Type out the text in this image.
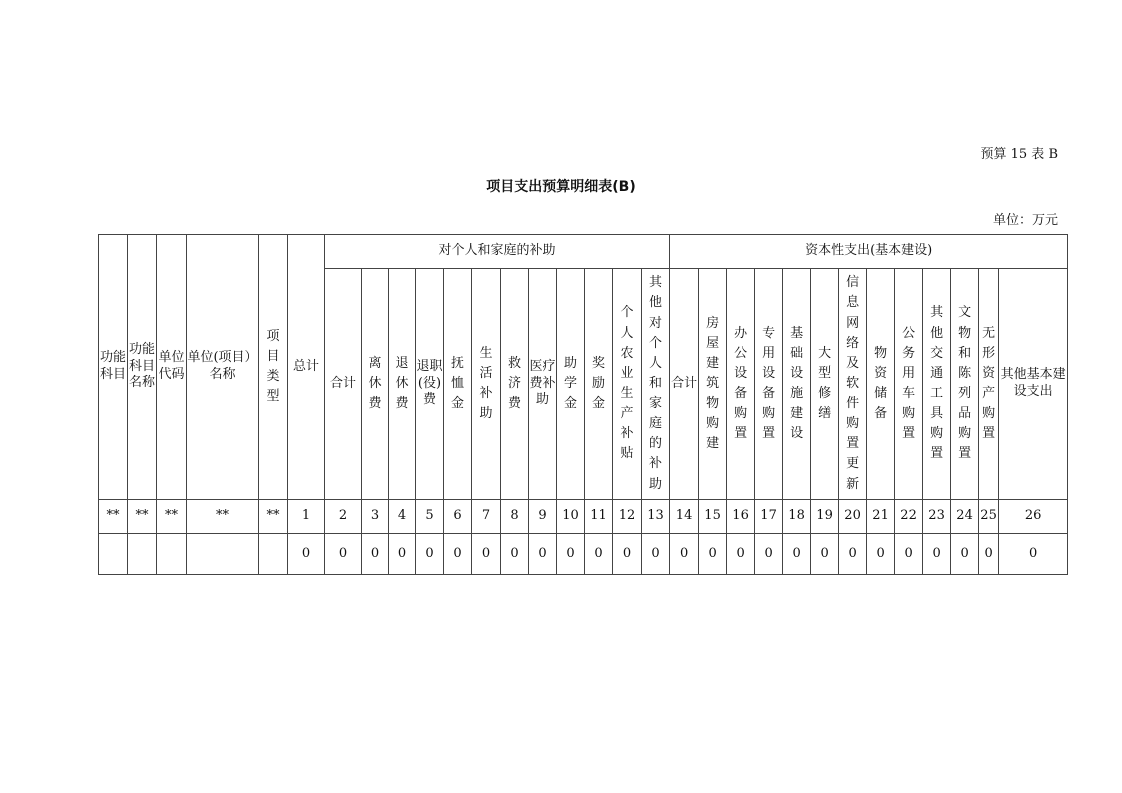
预算 15 表 B
项目支出预算明细表(B)
单位：万元
功能科目	功能科目名称	单位代码	单位(项目）名称	项目类型	总计	对个人和家庭的补助												资本性支出(基本建设)												
						合计	离休费	退休费	退职(役)费	抚恤金	生活补助	救济费	医疗费补助	助学金	奖励金	个人农业生产补贴	其他对个人和家庭的补助	合计	房屋建筑物购建	办公设备购置	专用设备购置	基础设施建设	大型修缮	信息网络及软件购置更新	物资储备	公务用车购置	其他交通工具购置	文物和陈列品购置	无形资产购置	其他基本建设支出
**	**	**	**	**	1	2	3	4	5	6	7	8	9	10	11	12	13	14	15	16	17	18	19	20	21	22	23	24	25	26
					0	0	0	0	0	0	0	0	0	0	0	0	0	0	0	0	0	0	0	0	0	0	0	0	0	0
